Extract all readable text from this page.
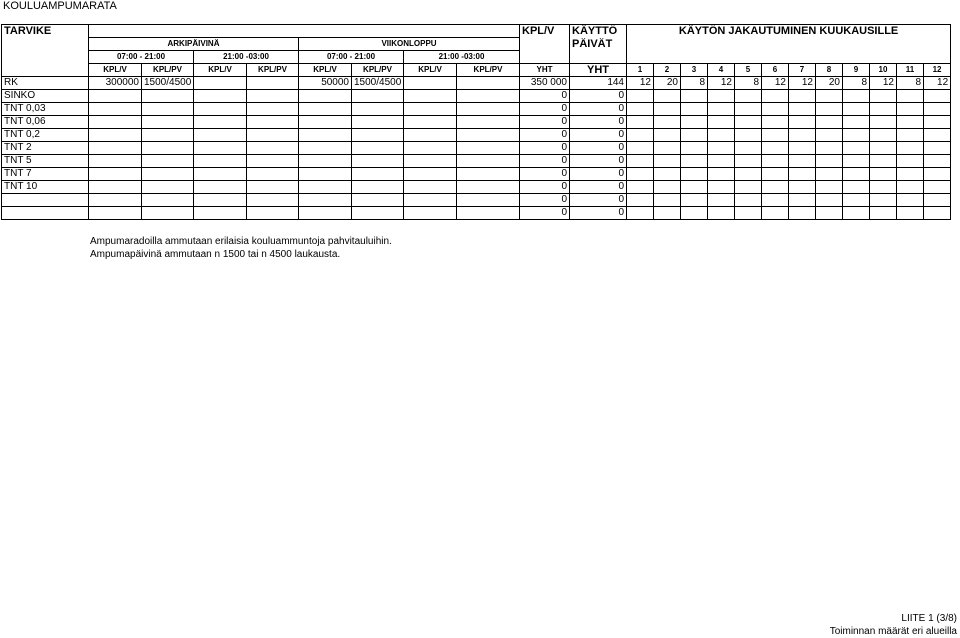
KOULUAMPUMARATA
TARVIKE									KPL/V	KÄYTTÖ	KÄYTÖN JAKAUTUMINEN KUUKAUSILLE											
	ARKIPÄIVINÄ				VIIKONLOPPU					PÄIVÄT												
	07:00 - 21:00		21:00 -03:00		07:00 - 21:00		21:00 -03:00															
	KPL/V	KPL/PV	KPL/V	KPL/PV	KPL/V	KPL/PV	KPL/V	KPL/PV	YHT	YHT	1	2	3	4	5	6	7	8	9	10	11	12
RK	300000	1500/4500			50000	1500/4500			350 000	144	12	20	8	12	8	12	12	20	8	12	8	12
SINKO									0	0												
TNT 0,03									0	0												
TNT 0,06									0	0												
TNT 0,2									0	0												
TNT 2									0	0												
TNT 5									0	0												
TNT 7									0	0												
TNT 10									0	0												
									0	0												
									0	0												
Ampumaradoilla ammutaan erilaisia kouluammuntoja pahvitauluihin.
Ampumapäivinä ammutaan n 1500 tai n 4500 laukausta.
LIITE 1 (3/8)
Toiminnan määrät eri alueilla
